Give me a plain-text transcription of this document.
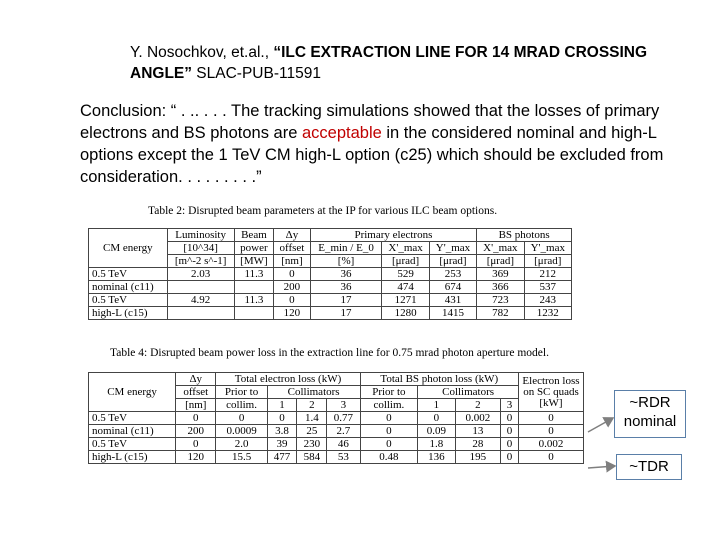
Y. Nosochkov, et.al., “ILC EXTRACTION LINE FOR 14 MRAD CROSSING ANGLE” SLAC-PUB-11591
Conclusion: “ . .. . . . The tracking simulations showed that the losses of primary electrons and BS photons are acceptable in the considered nominal and high-L options except the 1 TeV CM high-L option (c25) which should be excluded from consideration. . . . . . . . .”
Table 2: Disrupted beam parameters at the IP for various ILC beam options.
CM energy	Luminosity	Beam	Δy	Primary electrons			BS photons	
	[10^34]	power	offset	E_min / E_0	X'_max	Y'_max	X'_max	Y'_max
	[m^-2 s^-1]	[MW]	[nm]	[%]	[μrad]	[μrad]	[μrad]	[μrad]
0.5 TeV	2.03	11.3	0	36	529	253	369	212
nominal (c11)			200	36	474	674	366	537
0.5 TeV	4.92	11.3	0	17	1271	431	723	243
high-L (c15)			120	17	1280	1415	782	1232
Table 4: Disrupted beam power loss in the extraction line for 0.75 mrad photon aperture model.
CM energy	Δy	Total electron loss (kW)				Total BS photon loss (kW)				Electron loss on SC quads [kW]
	offset	Prior to	Collimators			Prior to	Collimators			
	[nm]	collim.	1	2	3	collim.	1	2	3	
0.5 TeV	0	0	0	1.4	0.77	0	0	0.002	0	0
nominal (c11)	200	0.0009	3.8	25	2.7	0	0.09	13	0	0
0.5 TeV	0	2.0	39	230	46	0	1.8	28	0	0.002
high-L (c15)	120	15.5	477	584	53	0.48	136	195	0	0
~RDR
nominal
~TDR
